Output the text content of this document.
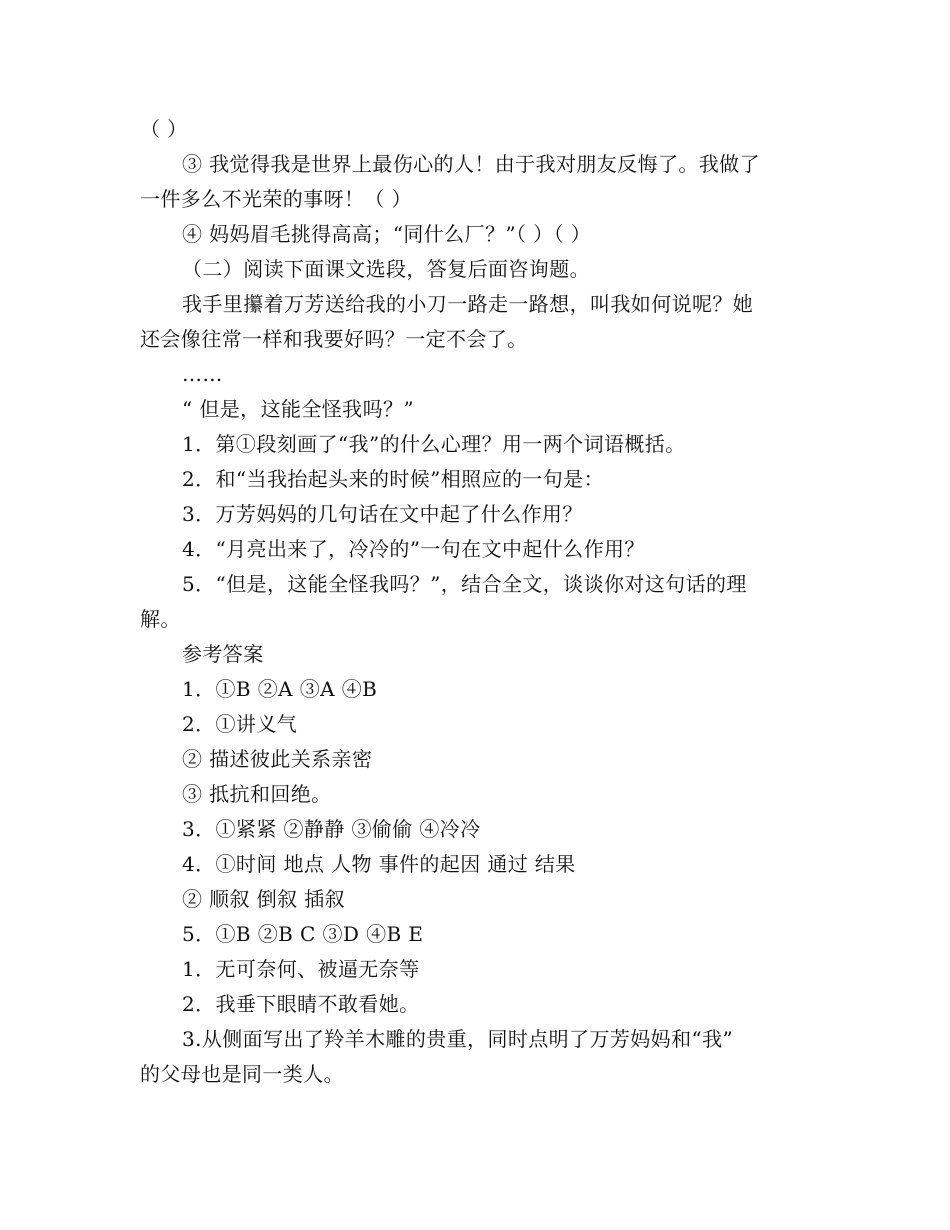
（ ）
③ 我觉得我是世界上最伤心的人！由于我对朋友反悔了。我做了
一件多么不光荣的事呀！（ ）
④ 妈妈眉毛挑得高高；“同什么厂？”（ ）（ ）
（二）阅读下面课文选段，答复后面咨询题。
我手里攥着万芳送给我的小刀一路走一路想，叫我如何说呢？她
还会像往常一样和我要好吗？一定不会了。
……
“ 但是，这能全怪我吗？”
1．第①段刻画了“我”的什么心理？用一两个词语概括。
2．和“当我抬起头来的时候”相照应的一句是：
3．万芳妈妈的几句话在文中起了什么作用？
4．“月亮出来了，冷冷的”一句在文中起什么作用？
5．“但是，这能全怪我吗？”，结合全文，谈谈你对这句话的理
解。
参考答案
1．①B ②A ③A ④B
2．①讲义气
② 描述彼此关系亲密
③ 抵抗和回绝。
3．①紧紧 ②静静 ③偷偷 ④冷冷
4．①时间 地点 人物 事件的起因 通过 结果
② 顺叙 倒叙 插叙
5．①B ②B C ③D ④B E
1．无可奈何、被逼无奈等
2．我垂下眼睛不敢看她。
3.从侧面写出了羚羊木雕的贵重，同时点明了万芳妈妈和“我”
的父母也是同一类人。
